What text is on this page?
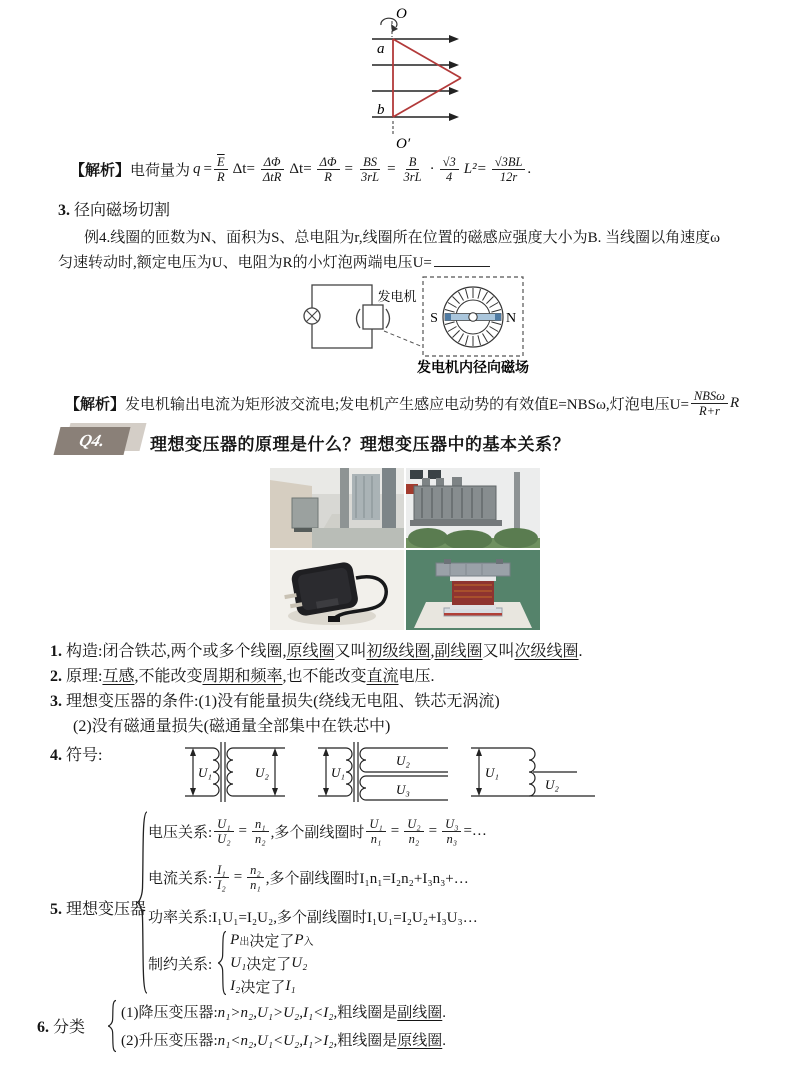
O
a
b
O′
【解析】 电荷量为 $q = \frac{\overline{E}}{R} \Delta t= \frac{\Delta\Phi}{\text{ΔtR}} \Delta t= \frac{\Delta\Phi}{R} = \frac{BS}{3rL} = \frac{B}{3rL} \cdot \frac{√3}{4} L^2= \frac{√3BL}{12r}$ .
3. 径向磁场切割
例4.线圈的匝数为N、面积为S、总电阻为r,线圈所在位置的磁感应强度大小为B. 当线圈以角速度ω
匀速转动时,额定电压为U、电阻为R的小灯泡两端电压U=
发电机
S	N
发电机内径向磁场
【解析】 发电机输出电流为矩形波交流电;发电机产生感应电动势的有效值E=NBSω,灯泡电压$U= \frac{\text{NBSω}}{R+r}$ R
Q4.	理想变压器的原理是什么？理想变压器中的基本关系？
1. 构造:闭合铁芯,两个或多个线圈,原线圈又叫初级线圈,副线圈又叫次级线圈.
2. 原理:互感,不能改变周期和频率,也不能改变直流电压.
3. 理想变压器的条件:(1)没有能量损失(绕线无电阻、铁芯无涡流)
(2)没有磁通量损失(磁通量全部集中在铁芯中)
4. 符号:
U₁	U₂	U₁
U₂
U₃
U₁
U₂
5. 理想变压器
电压关系: $\frac{\text{U₁}}{\text{U₂}} = \frac{\text{n₁}}{\text{n₂}}$ ,多个副线圈时 $\frac{\text{U₁}}{\text{n₁}} = \frac{\text{U₂}}{\text{n₂}} = \frac{\text{U₃}}{\text{n₃}}$ =…
电流关系: $\frac{\text{I₁}}{\text{I₂}} = \frac{\text{n₂}}{\text{n₁}}$ ,多个副线圈时I₁n₁=I₂n₂+I₃n₃+…
功率关系: I₁U₁=I₂U₂,多个副线圈时I₁U₁=I₂U₂+I₃U₃…
制约关系:
P 出 决定了 P 入
U₁ 决定了 U₂
I₂ 决定了 I₁
6. 分类
(1)降压变压器:n₁>n₂,U₁>U₂,I₁<I₂,粗线圈是副线圈.
(2)升压变压器:n₁<n₂,U₁<U₂,I₁>I₂,粗线圈是原线圈.
